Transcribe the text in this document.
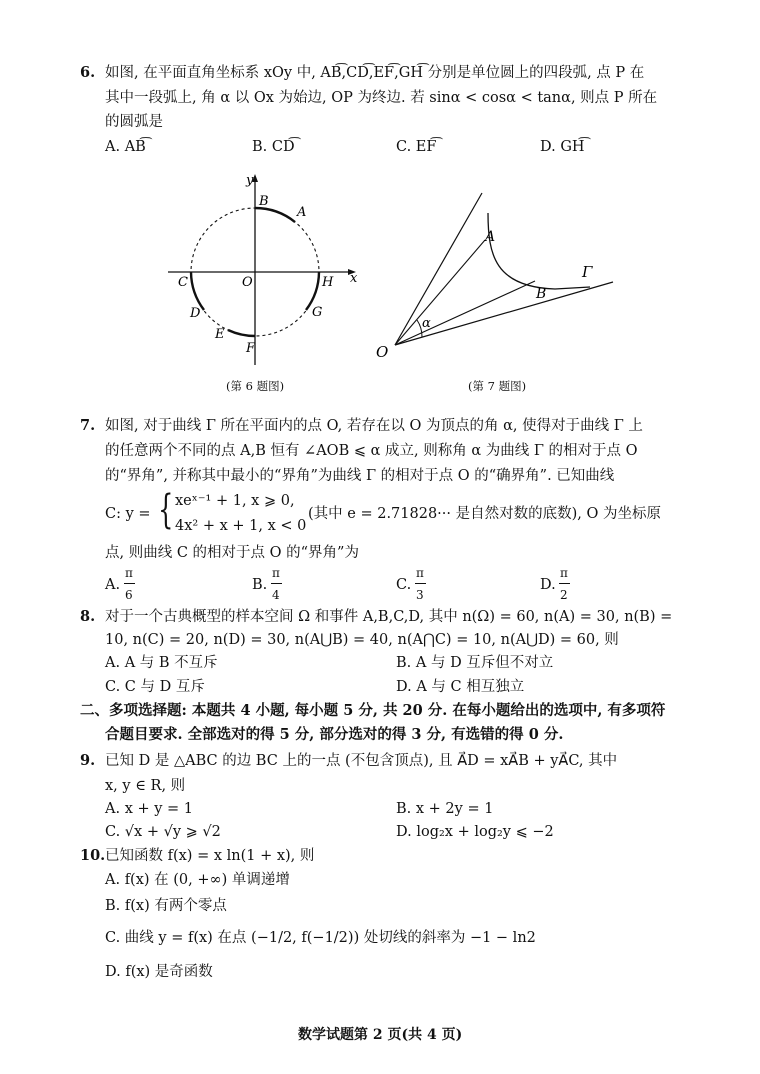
6. 如图, 在平面直角坐标系 xOy 中, AB͡,CD͡,EF͡,GH͡ 分别是单位圆上的四段弧, 点 P 在
其中一段弧上, 角 α 以 Ox 为始边, OP 为终边. 若 sinα < cosα < tanα, 则点 P 所在
的圆弧是
A. AB͡	B. CD͡	C. EF͡	D. GH͡
y
x
O
B
A
C	H
D	G
E
F
(第 6 题图)
A
B
Γ
α
O
(第 7 题图)
7. 如图, 对于曲线 Γ 所在平面内的点 O, 若存在以 O 为顶点的角 α, 使得对于曲线 Γ 上
的任意两个不同的点 A,B 恒有 ∠AOB ⩽ α 成立, 则称角 α 为曲线 Γ 的相对于点 O
的“界角”, 并称其中最小的“界角”为曲线 Γ 的相对于点 O 的“确界角”. 已知曲线
C: y = { xeˣ⁻¹ + 1, x ⩾ 0,
4x² + x + 1, x < 0
(其中 e = 2.71828··· 是自然对数的底数), O 为坐标原
点, 则曲线 C 的相对于点 O 的“界角”为
A.
π
6
B.
π
4
C.
π
3
D.
π
2
8. 对于一个古典概型的样本空间 Ω 和事件 A,B,C,D, 其中 n(Ω) = 60, n(A) = 30, n(B) =
10, n(C) = 20, n(D) = 30, n(A⋃B) = 40, n(A⋂C) = 10, n(A⋃D) = 60, 则
A. A 与 B 不互斥	B. A 与 D 互斥但不对立
C. C 与 D 互斥	D. A 与 C 相互独立
二、多项选择题: 本题共 4 小题, 每小题 5 分, 共 20 分. 在每小题给出的选项中, 有多项符
合题目要求. 全部选对的得 5 分, 部分选对的得 3 分, 有选错的得 0 分.
9. 已知 D 是 △ABC 的边 BC 上的一点 (不包含顶点), 且 A⃗D = xA⃗B + yA⃗C, 其中
x, y ∈ R, 则
A. x + y = 1	B. x + 2y = 1
C. √x + √y ⩾ √2	D. log₂x + log₂y ⩽ −2
10. 已知函数 f(x) = x ln(1 + x), 则
A. f(x) 在 (0, +∞) 单调递增
B. f(x) 有两个零点
C. 曲线 y = f(x) 在点 (−1/2, f(−1/2)) 处切线的斜率为 −1 − ln2
D. f(x) 是奇函数
数学试题第 2 页(共 4 页)
